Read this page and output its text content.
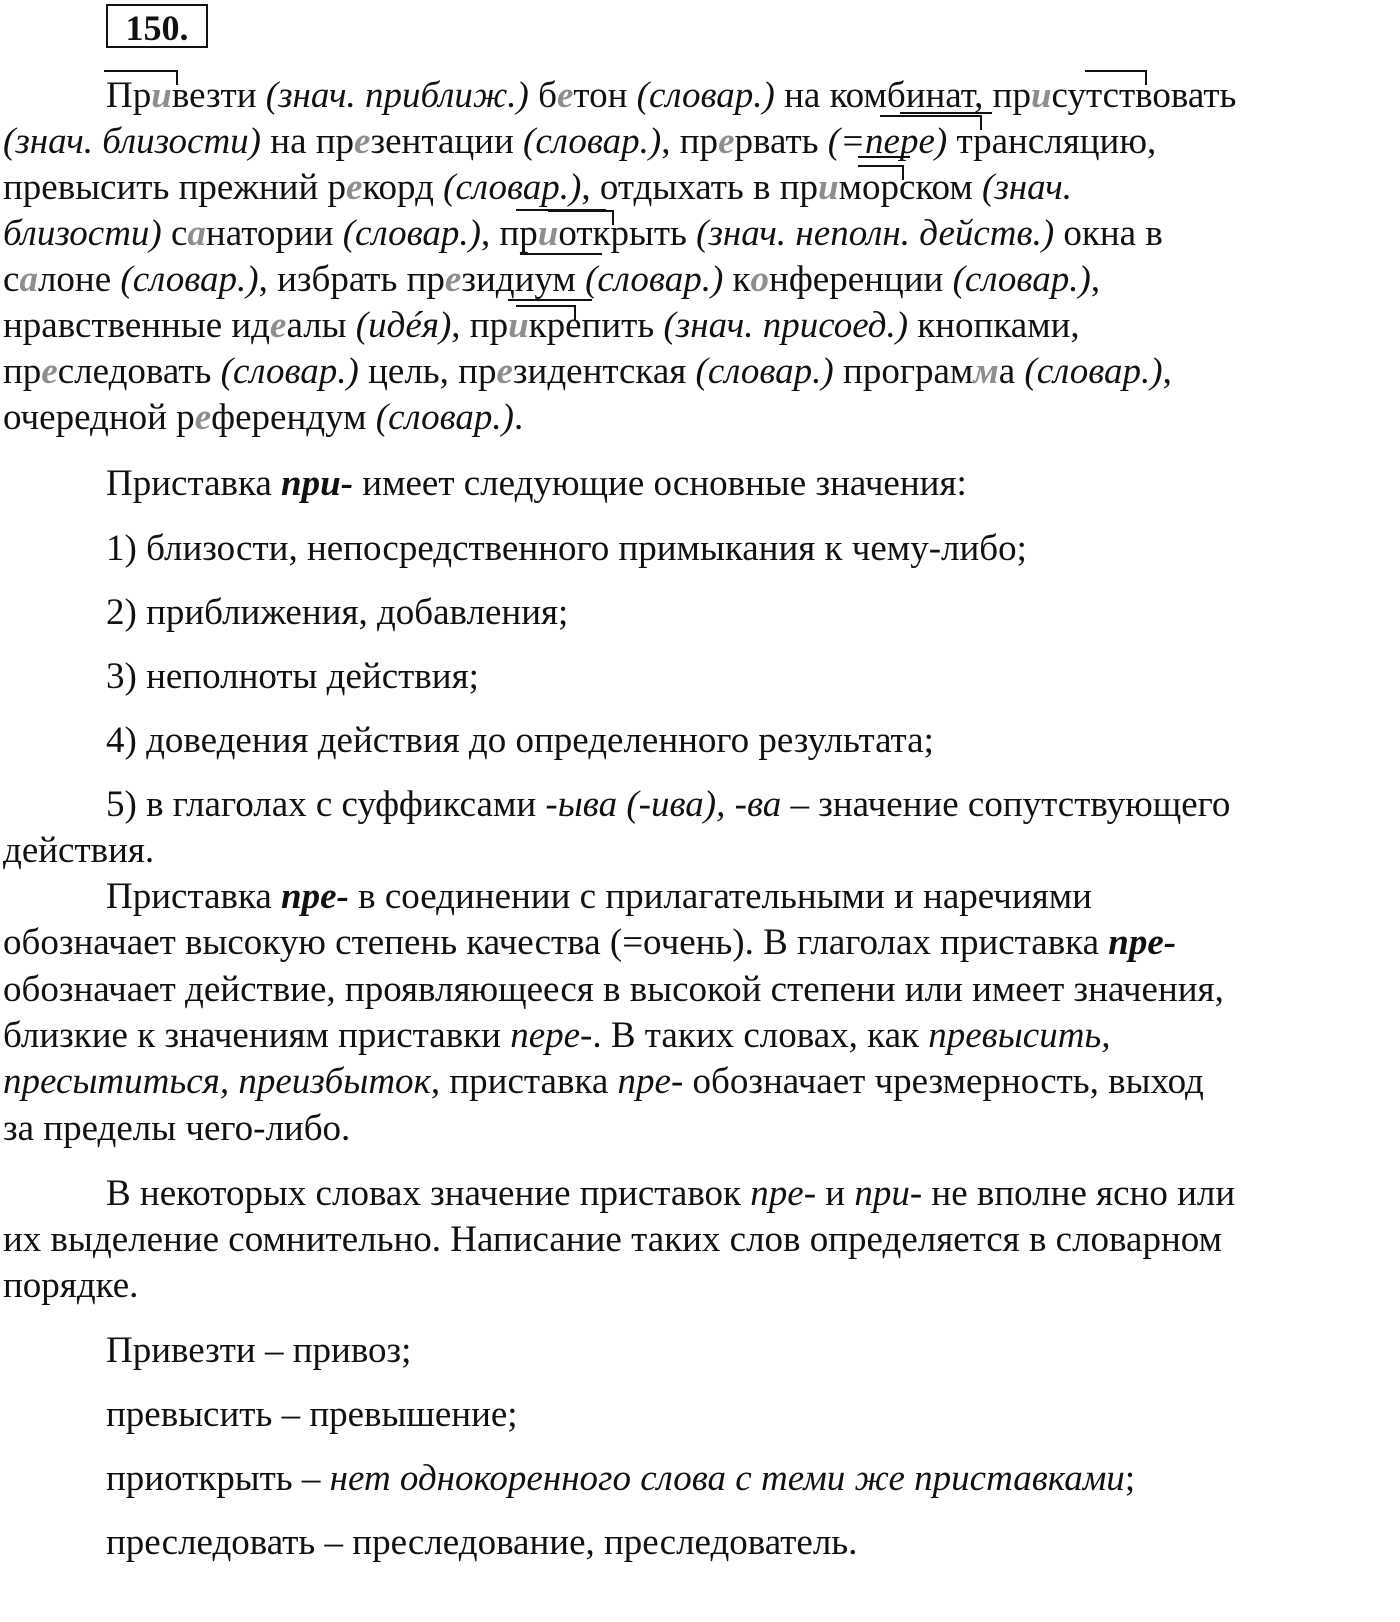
150.
Привезти (знач. приближ.) бетон (словар.) на комбинат, присутствовать
(знач. близости) на презентации (словар.), прервать (=пере) трансляцию,
превысить прежний рекорд (словар.), отдыхать в приморском (знач.
близости) санатории (словар.), приоткрыть (знач. неполн. действ.) окна в
салоне (словар.), избрать президиум (словар.) конференции (словар.),
нравственные идеалы (идéя), прикрепить (знач. присоед.) кнопками,
преследовать (словар.) цель, президентская (словар.) программа (словар.),
очередной референдум (словар.).
Приставка при- имеет следующие основные значения:
1) близости, непосредственного примыкания к чему-либо;
2) приближения, добавления;
3) неполноты действия;
4) доведения действия до определенного результата;
5) в глаголах с суффиксами -ыва (-ива), -ва – значение сопутствующего
действия.
Приставка пре- в соединении с прилагательными и наречиями
обозначает высокую степень качества (=очень). В глаголах приставка пре-
обозначает действие, проявляющееся в высокой степени или имеет значения,
близкие к значениям приставки пере-. В таких словах, как превысить,
пресытиться, преизбыток, приставка пре- обозначает чрезмерность, выход
за пределы чего-либо.
В некоторых словах значение приставок пре- и при- не вполне ясно или
их выделение сомнительно. Написание таких слов определяется в словарном
порядке.
Привезти – привоз;
превысить – превышение;
приоткрыть – нет однокоренного слова с теми же приставками;
преследовать – преследование, преследователь.
